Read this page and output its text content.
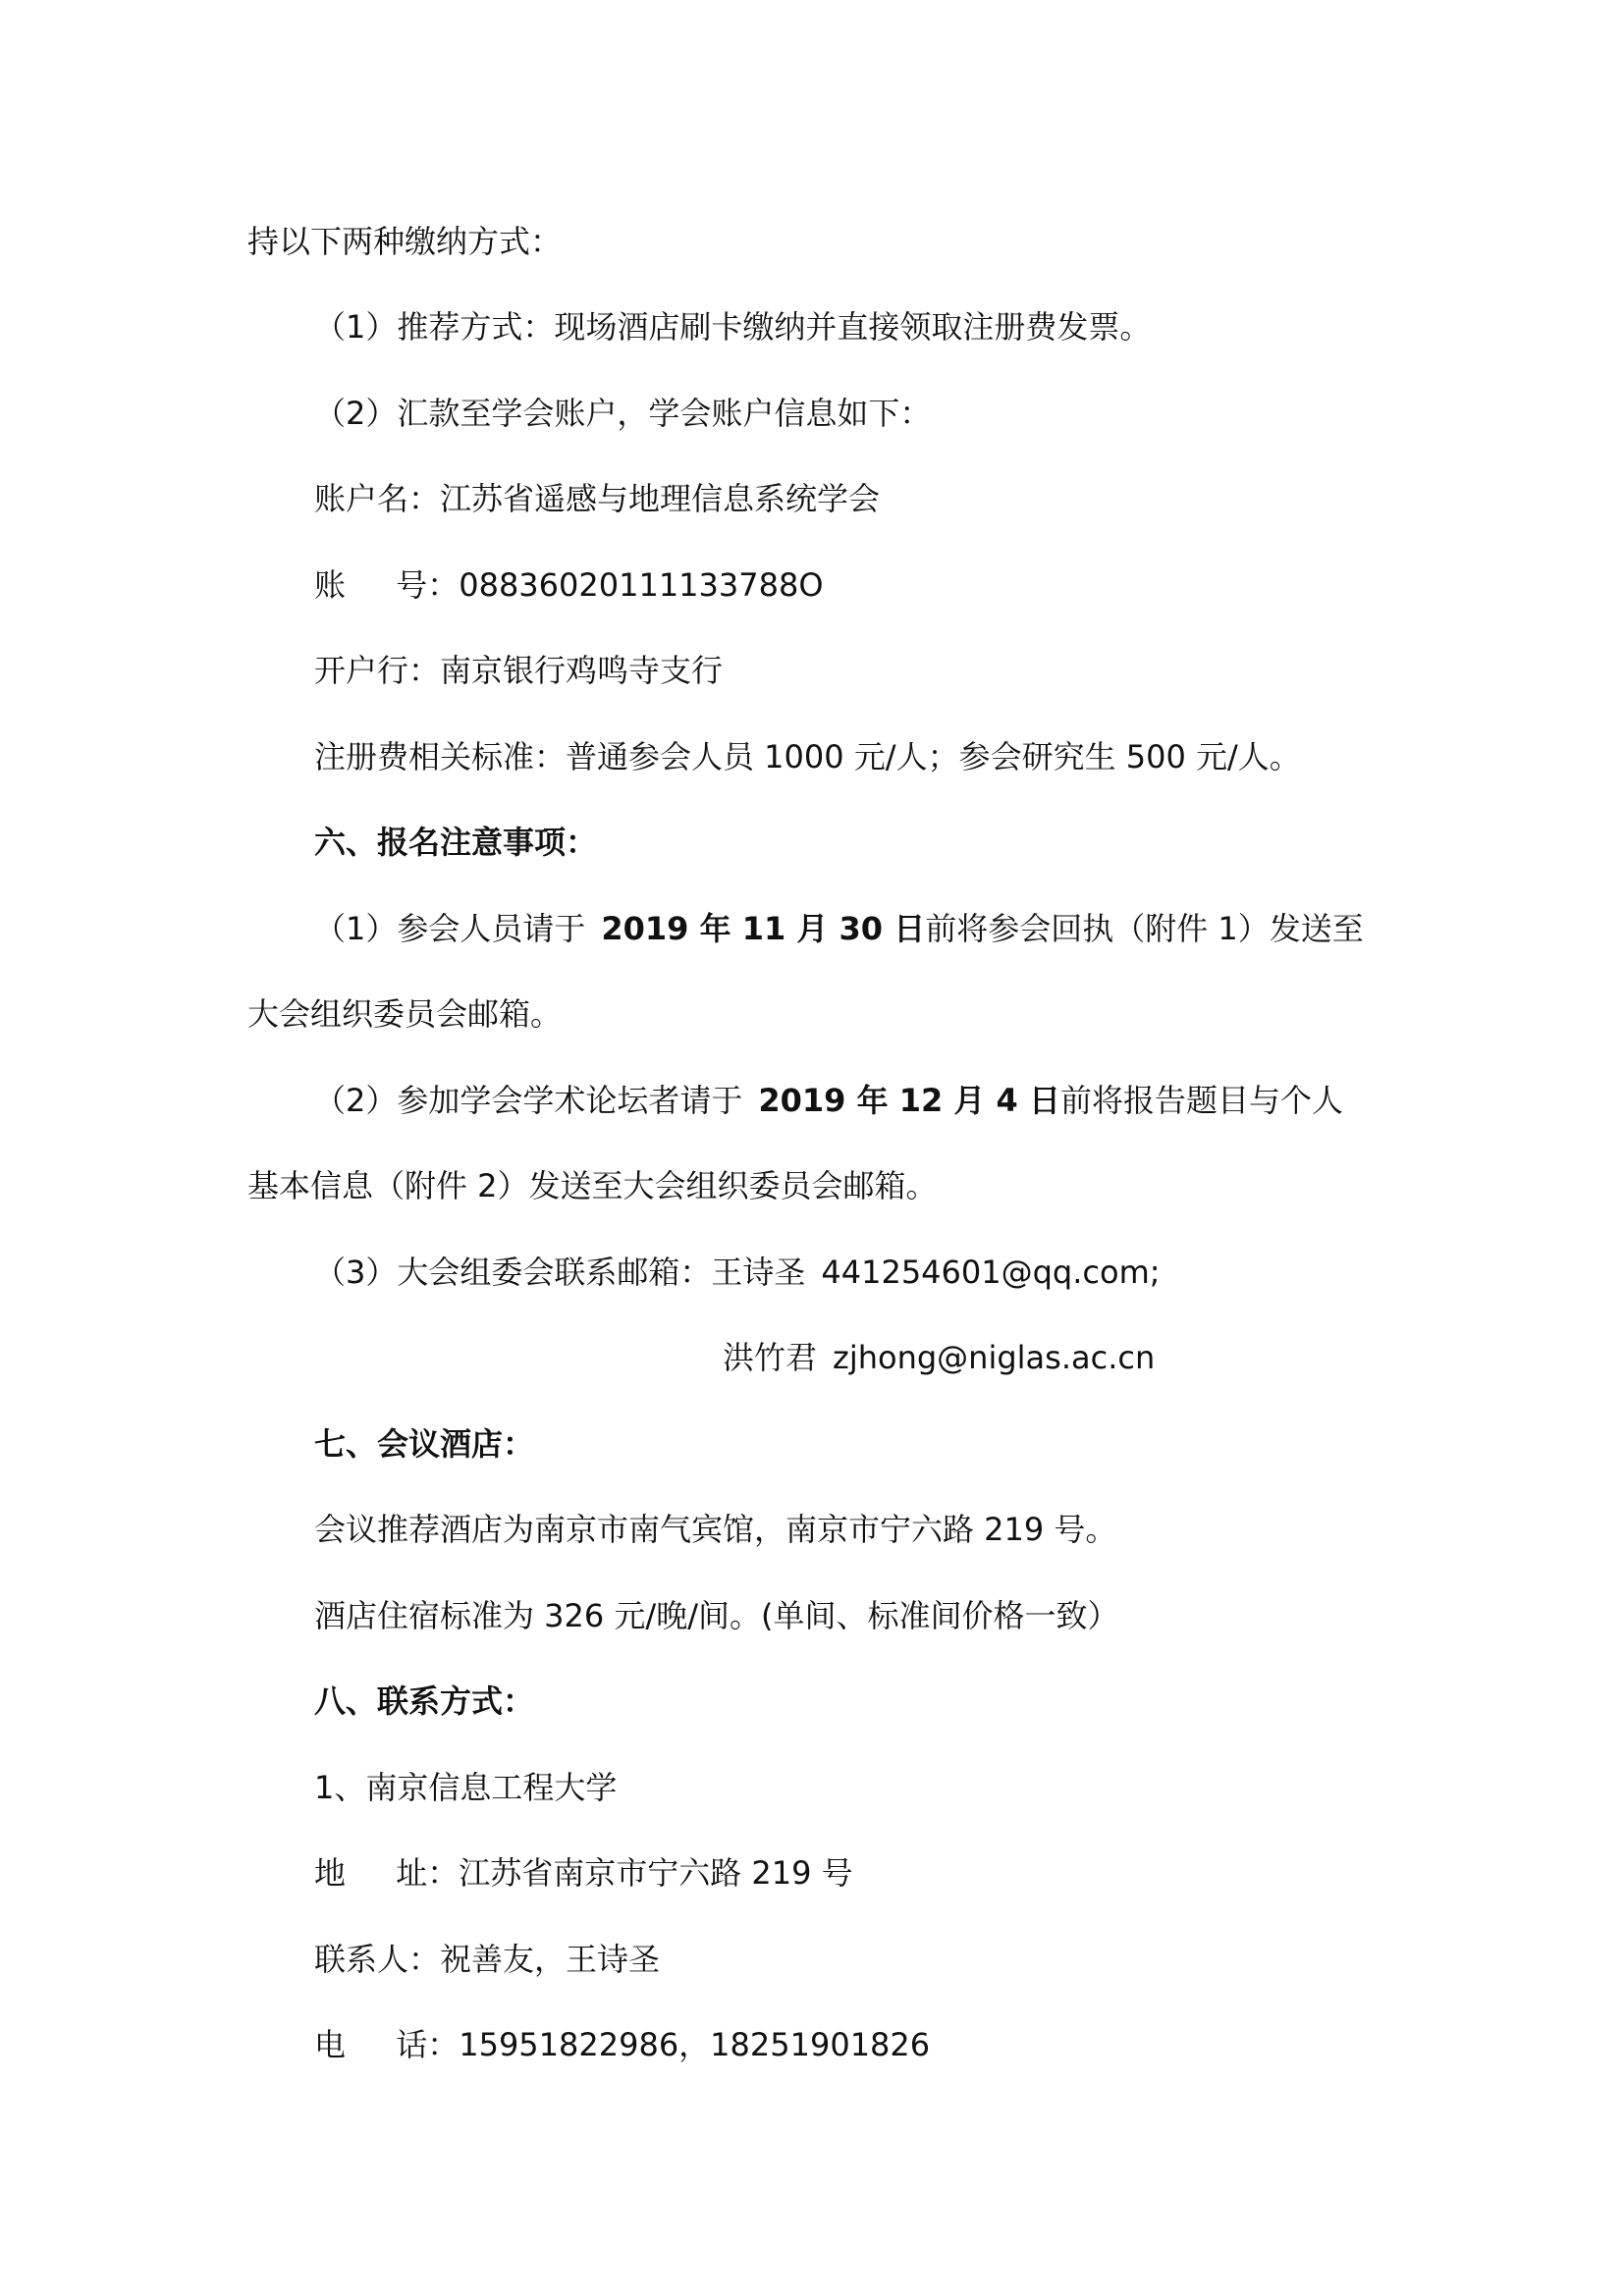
持以下两种缴纳方式：
（1）推荐方式：现场酒店刷卡缴纳并直接领取注册费发票。
（2）汇款至学会账户，学会账户信息如下：
账户名：江苏省遥感与地理信息系统学会
账 号：08836020111133788O
开户行：南京银行鸡鸣寺支行
注册费相关标准：普通参会人员 1000 元/人；参会研究生 500 元/人。
六、报名注意事项：
（1）参会人员请于 2019 年 11 月 30 日前将参会回执（附件 1）发送至
大会组织委员会邮箱。
（2）参加学会学术论坛者请于 2019 年 12 月 4 日前将报告题目与个人
基本信息（附件 2）发送至大会组织委员会邮箱。
（3）大会组委会联系邮箱：王诗圣 441254601@qq.com;
洪竹君 zjhong@niglas.ac.cn
七、会议酒店：
会议推荐酒店为南京市南气宾馆，南京市宁六路 219 号。
酒店住宿标准为 326 元/晚/间。(单间、标准间价格一致）
八、联系方式：
1、南京信息工程大学
地 址：江苏省南京市宁六路 219 号
联系人：祝善友，王诗圣
电 话：15951822986，18251901826
